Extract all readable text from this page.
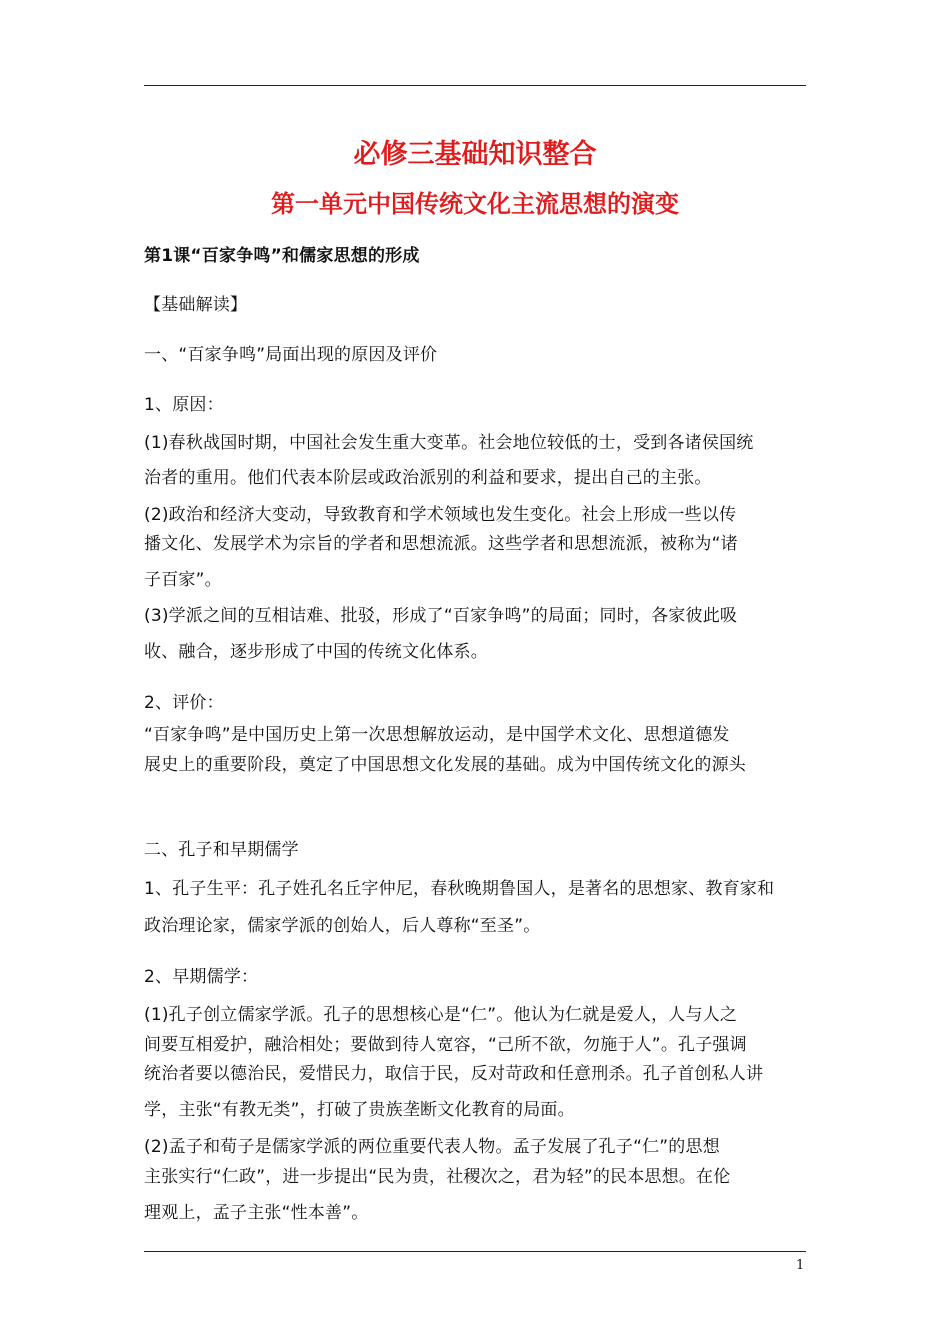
必修三基础知识整合
第一单元中国传统文化主流思想的演变
第1课“百家争鸣”和儒家思想的形成
【基础解读】
一、“百家争鸣”局面出现的原因及评价
1、原因：
(1)春秋战国时期，中国社会发生重大变革。社会地位较低的士，受到各诸侯国统
治者的重用。他们代表本阶层或政治派别的利益和要求，提出自己的主张。
(2)政治和经济大变动，导致教育和学术领域也发生变化。社会上形成一些以传
播文化、发展学术为宗旨的学者和思想流派。这些学者和思想流派，被称为“诸
子百家”。
(3)学派之间的互相诘难、批驳，形成了“百家争鸣”的局面；同时，各家彼此吸
收、融合，逐步形成了中国的传统文化体系。
2、评价：
“百家争鸣”是中国历史上第一次思想解放运动，是中国学术文化、思想道德发
展史上的重要阶段，奠定了中国思想文化发展的基础。成为中国传统文化的源头
二、孔子和早期儒学
1、孔子生平：孔子姓孔名丘字仲尼，春秋晚期鲁国人，是著名的思想家、教育家和
政治理论家，儒家学派的创始人，后人尊称“至圣”。
2、早期儒学：
(1)孔子创立儒家学派。孔子的思想核心是“仁”。他认为仁就是爱人，人与人之
间要互相爱护，融洽相处；要做到待人宽容，“己所不欲，勿施于人”。孔子强调
统治者要以德治民，爱惜民力，取信于民，反对苛政和任意刑杀。孔子首创私人讲
学，主张“有教无类”，打破了贵族垄断文化教育的局面。
(2)孟子和荀子是儒家学派的两位重要代表人物。孟子发展了孔子“仁”的思想
主张实行“仁政”，进一步提出“民为贵，社稷次之，君为轻”的民本思想。在伦
理观上，孟子主张“性本善”。
1
